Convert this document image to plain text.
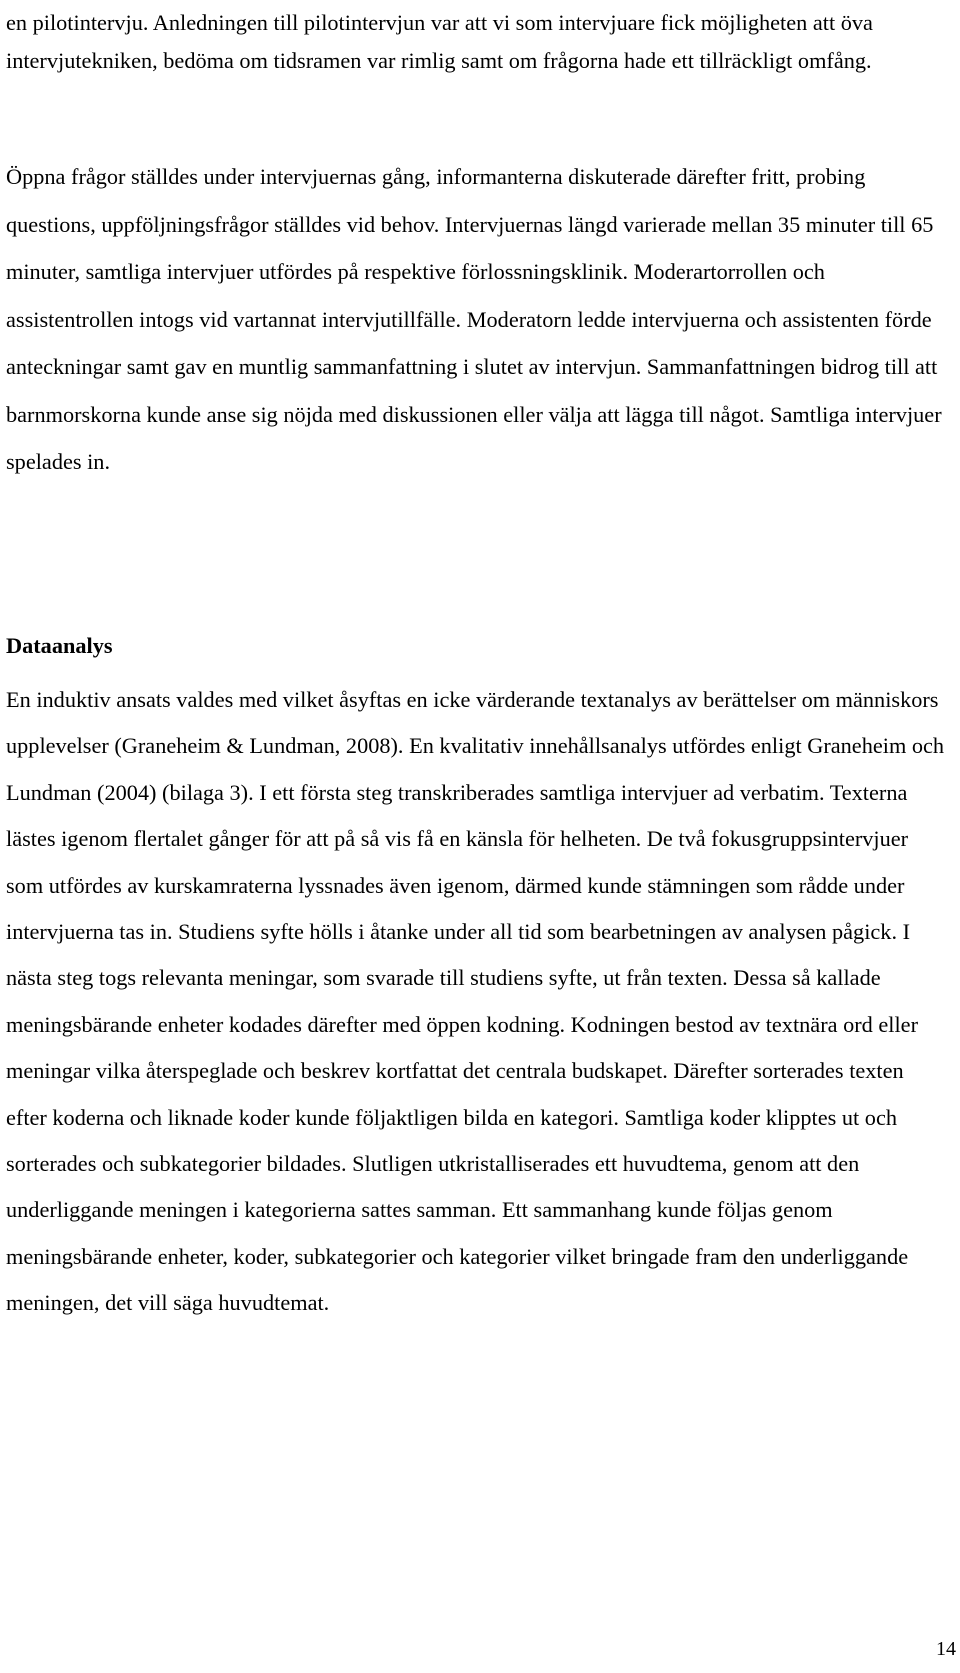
en pilotintervju. Anledningen till pilotintervjun var att vi som intervjuare fick möjligheten att öva intervjutekniken, bedöma om tidsramen var rimlig samt om frågorna hade ett tillräckligt omfång.

Öppna frågor ställdes under intervjuernas gång, informanterna diskuterade därefter fritt, probing questions, uppföljningsfrågor ställdes vid behov. Intervjuernas längd varierade mellan 35 minuter till 65 minuter, samtliga intervjuer utfördes på respektive förlossningsklinik. Moderartorrollen och assistentrollen intogs vid vartannat intervjutillfälle. Moderatorn ledde intervjuerna och assistenten förde anteckningar samt gav en muntlig sammanfattning i slutet av intervjun. Sammanfattningen bidrog till att barnmorskorna kunde anse sig nöjda med diskussionen eller välja att lägga till något. Samtliga intervjuer spelades in.

Dataanalys

En induktiv ansats valdes med vilket åsyftas en icke värderande textanalys av berättelser om människors upplevelser (Graneheim & Lundman, 2008). En kvalitativ innehållsanalys utfördes enligt Graneheim och Lundman (2004) (bilaga 3). I ett första steg transkriberades samtliga intervjuer ad verbatim. Texterna lästes igenom flertalet gånger för att på så vis få en känsla för helheten. De två fokusgruppsintervjuer som utfördes av kurskamraterna lyssnades även igenom, därmed kunde stämningen som rådde under intervjuerna tas in. Studiens syfte hölls i åtanke under all tid som bearbetningen av analysen pågick. I nästa steg togs relevanta meningar, som svarade till studiens syfte, ut från texten. Dessa så kallade meningsbärande enheter kodades därefter med öppen kodning. Kodningen bestod av textnära ord eller meningar vilka återspeglade och beskrev kortfattat det centrala budskapet. Därefter sorterades texten efter koderna och liknade koder kunde följaktligen bilda en kategori. Samtliga koder klipptes ut och sorterades och subkategorier bildades. Slutligen utkristalliserades ett huvudtema, genom att den underliggande meningen i kategorierna sattes samman. Ett sammanhang kunde följas genom meningsbärande enheter, koder, subkategorier och kategorier vilket bringade fram den underliggande meningen, det vill säga huvudtemat.

14
